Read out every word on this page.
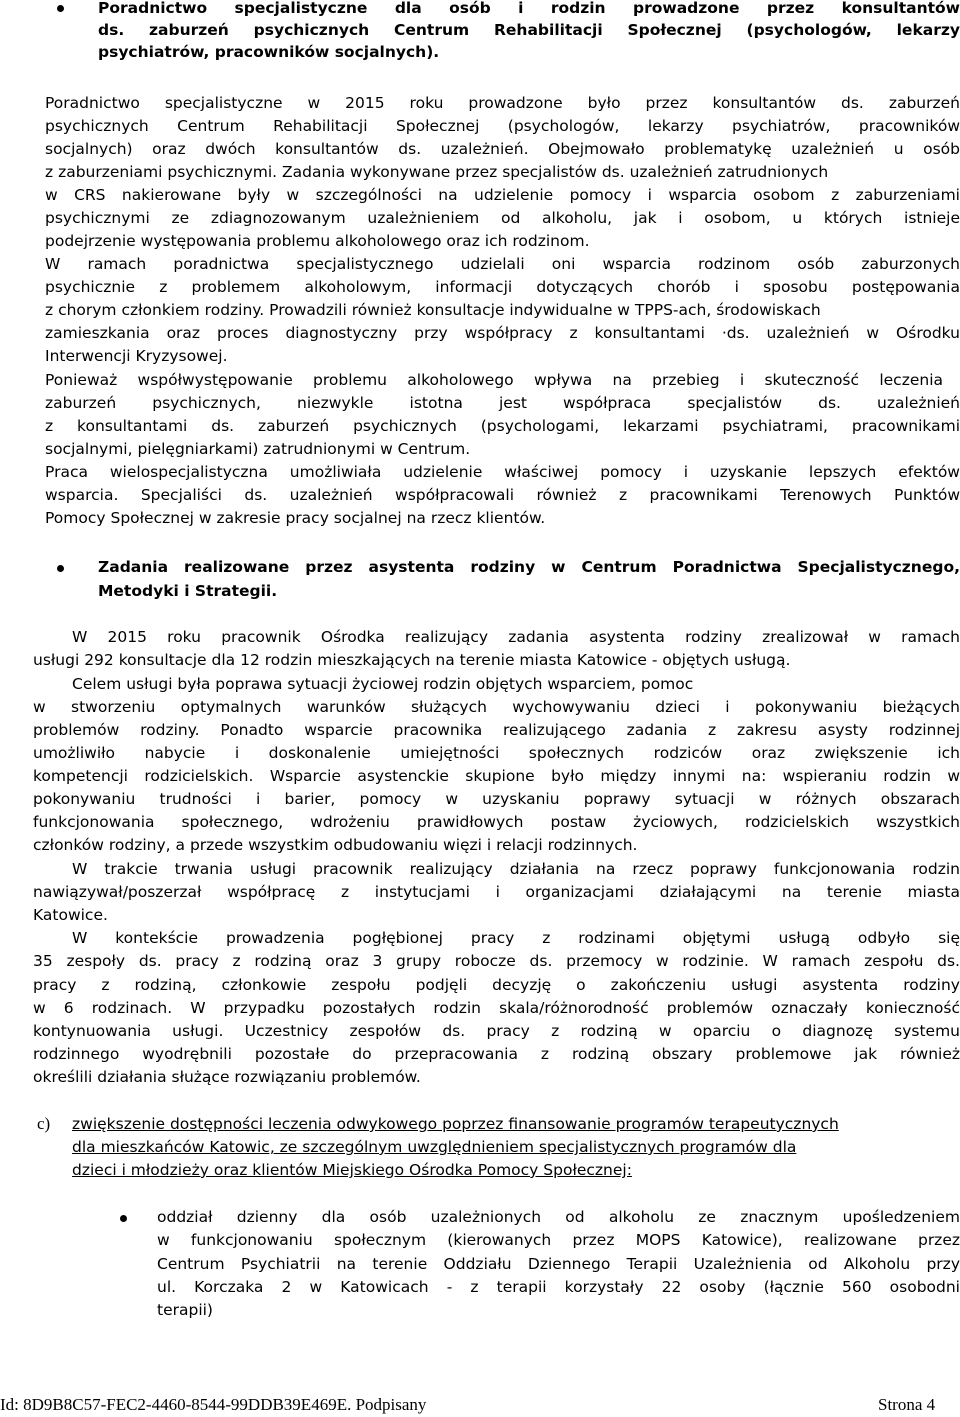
Poradnictwo specjalistyczne dla osób i rodzin prowadzone przez konsultantów
ds. zaburzeń psychicznych Centrum Rehabilitacji Społecznej (psychologów, lekarzy
psychiatrów, pracowników socjalnych).
Poradnictwo specjalistyczne w 2015 roku prowadzone było przez konsultantów ds. zaburzeń
psychicznych Centrum Rehabilitacji Społecznej (psychologów, lekarzy psychiatrów, pracowników
socjalnych) oraz dwóch konsultantów ds. uzależnień. Obejmowało problematykę uzależnień u osób
z zaburzeniami psychicznymi. Zadania wykonywane przez specjalistów ds. uzależnień zatrudnionych
w CRS nakierowane były w szczególności na udzielenie pomocy i wsparcia osobom z zaburzeniami
psychicznymi ze zdiagnozowanym uzależnieniem od alkoholu, jak i osobom, u których istnieje
podejrzenie występowania problemu alkoholowego oraz ich rodzinom.
W ramach poradnictwa specjalistycznego udzielali oni wsparcia rodzinom osób zaburzonych
psychicznie z problemem alkoholowym, informacji dotyczących chorób i sposobu postępowania
z chorym członkiem rodziny. Prowadzili również konsultacje indywidualne w TPPS-ach, środowiskach
zamieszkania oraz proces diagnostyczny przy współpracy z konsultantami ·ds. uzależnień w Ośrodku
Interwencji Kryzysowej.
Ponieważ współwystępowanie problemu alkoholowego wpływa na przebieg i skuteczność leczenia
zaburzeń psychicznych, niezwykle istotna jest współpraca specjalistów ds. uzależnień
z konsultantami ds. zaburzeń psychicznych (psychologami, lekarzami psychiatrami, pracownikami
socjalnymi, pielęgniarkami) zatrudnionymi w Centrum.
Praca wielospecjalistyczna umożliwiała udzielenie właściwej pomocy i uzyskanie lepszych efektów
wsparcia. Specjaliści ds. uzależnień współpracowali również z pracownikami Terenowych Punktów
Pomocy Społecznej w zakresie pracy socjalnej na rzecz klientów.
Zadania realizowane przez asystenta rodziny w Centrum Poradnictwa Specjalistycznego,
Metodyki i Strategii.
W 2015 roku pracownik Ośrodka realizujący zadania asystenta rodziny zrealizował w ramach
usługi 292 konsultacje dla 12 rodzin mieszkających na terenie miasta Katowice - objętych usługą.
Celem usługi była poprawa sytuacji życiowej rodzin objętych wsparciem, pomoc
w stworzeniu optymalnych warunków służących wychowywaniu dzieci i pokonywaniu bieżących
problemów rodziny. Ponadto wsparcie pracownika realizującego zadania z zakresu asysty rodzinnej
umożliwiło nabycie i doskonalenie umiejętności społecznych rodziców oraz zwiększenie ich
kompetencji rodzicielskich. Wsparcie asystenckie skupione było między innymi na: wspieraniu rodzin w
pokonywaniu trudności i barier, pomocy w uzyskaniu poprawy sytuacji w różnych obszarach
funkcjonowania społecznego, wdrożeniu prawidłowych postaw życiowych, rodzicielskich wszystkich
członków rodziny, a przede wszystkim odbudowaniu więzi i relacji rodzinnych.
W trakcie trwania usługi pracownik realizujący działania na rzecz poprawy funkcjonowania rodzin
nawiązywał/poszerzał współpracę z instytucjami i organizacjami działającymi na terenie miasta
Katowice.
W kontekście prowadzenia pogłębionej pracy z rodzinami objętymi usługą odbyło się
35 zespoły ds. pracy z rodziną oraz 3 grupy robocze ds. przemocy w rodzinie. W ramach zespołu ds.
pracy z rodziną, członkowie zespołu podjęli decyzję o zakończeniu usługi asystenta rodziny
w 6 rodzinach. W przypadku pozostałych rodzin skala/różnorodność problemów oznaczały konieczność
kontynuowania usługi. Uczestnicy zespołów ds. pracy z rodziną w oparciu o diagnozę systemu
rodzinnego wyodrębnili pozostałe do przepracowania z rodziną obszary problemowe jak również
określili działania służące rozwiązaniu problemów.
c) zwiększenie dostępności leczenia odwykowego poprzez finansowanie programów terapeutycznych
dla mieszkańców Katowic, ze szczególnym uwzględnieniem specjalistycznych programów dla
dzieci i młodzieży oraz klientów Miejskiego Ośrodka Pomocy Społecznej:
oddział dzienny dla osób uzależnionych od alkoholu ze znacznym upośledzeniem
w funkcjonowaniu społecznym (kierowanych przez MOPS Katowice), realizowane przez
Centrum Psychiatrii na terenie Oddziału Dziennego Terapii Uzależnienia od Alkoholu przy
ul. Korczaka 2 w Katowicach - z terapii korzystały 22 osoby (łącznie 560 osobodni
terapii)
Id: 8D9B8C57-FEC2-4460-8544-99DDB39E469E. Podpisany	Strona 4
